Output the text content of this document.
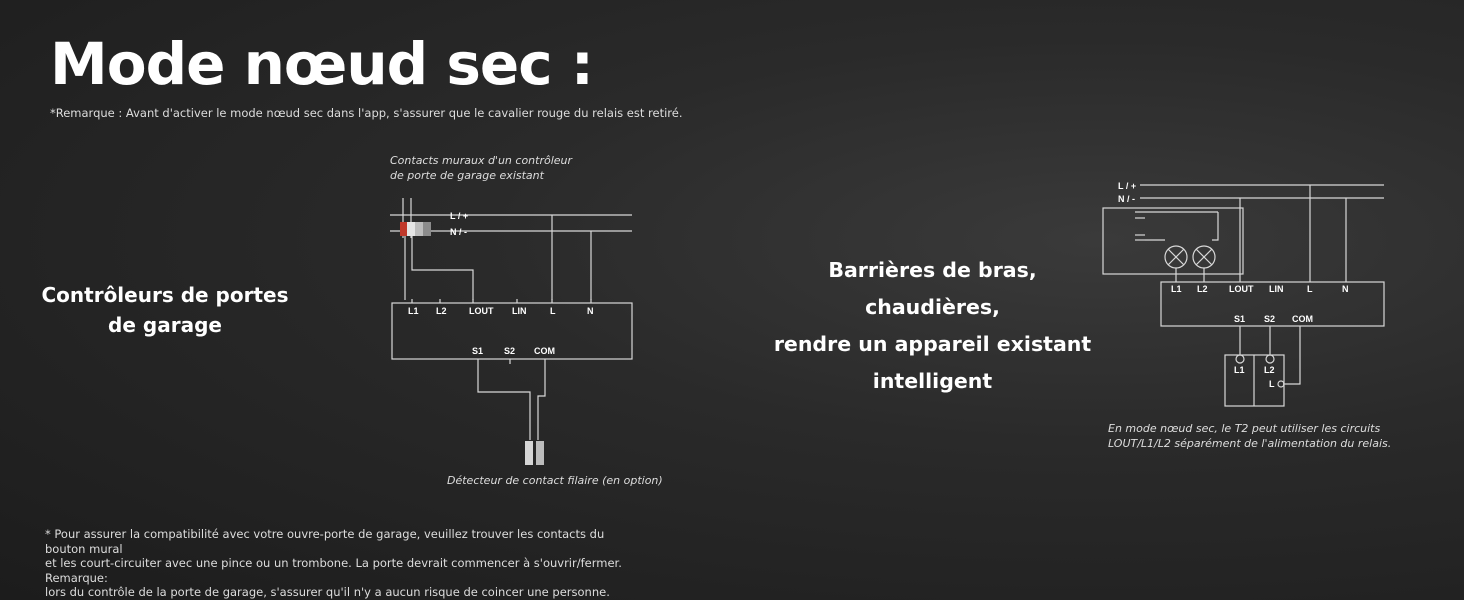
Mode nœud sec :
*Remarque : Avant d'activer le mode nœud sec dans l'app, s'assurer que le cavalier rouge du relais est retiré.
Contrôleurs de portes
de garage
Barrières de bras, chaudières,
rendre un appareil existant
intelligent
Contacts muraux d'un contrôleur
de porte de garage existant
Détecteur de contact filaire (en option)
En mode nœud sec, le T2 peut utiliser les circuits
LOUT/L1/L2 séparément de l'alimentation du relais.
* Pour assurer la compatibilité avec votre ouvre-porte de garage, veuillez trouver les contacts du bouton mural
et les court-circuiter avec une pince ou un trombone. La porte devrait commencer à s'ouvrir/fermer. Remarque:
lors du contrôle de la porte de garage, s'assurer qu'il n'y a aucun risque de coincer une personne.
L / +
N / -
L1 L2 LOUT LIN	L	N
S1 S2 COM
L / +
N / -
L1 L2 LOUT LIN	L	N
S1 S2 COM
L1 L2
L
